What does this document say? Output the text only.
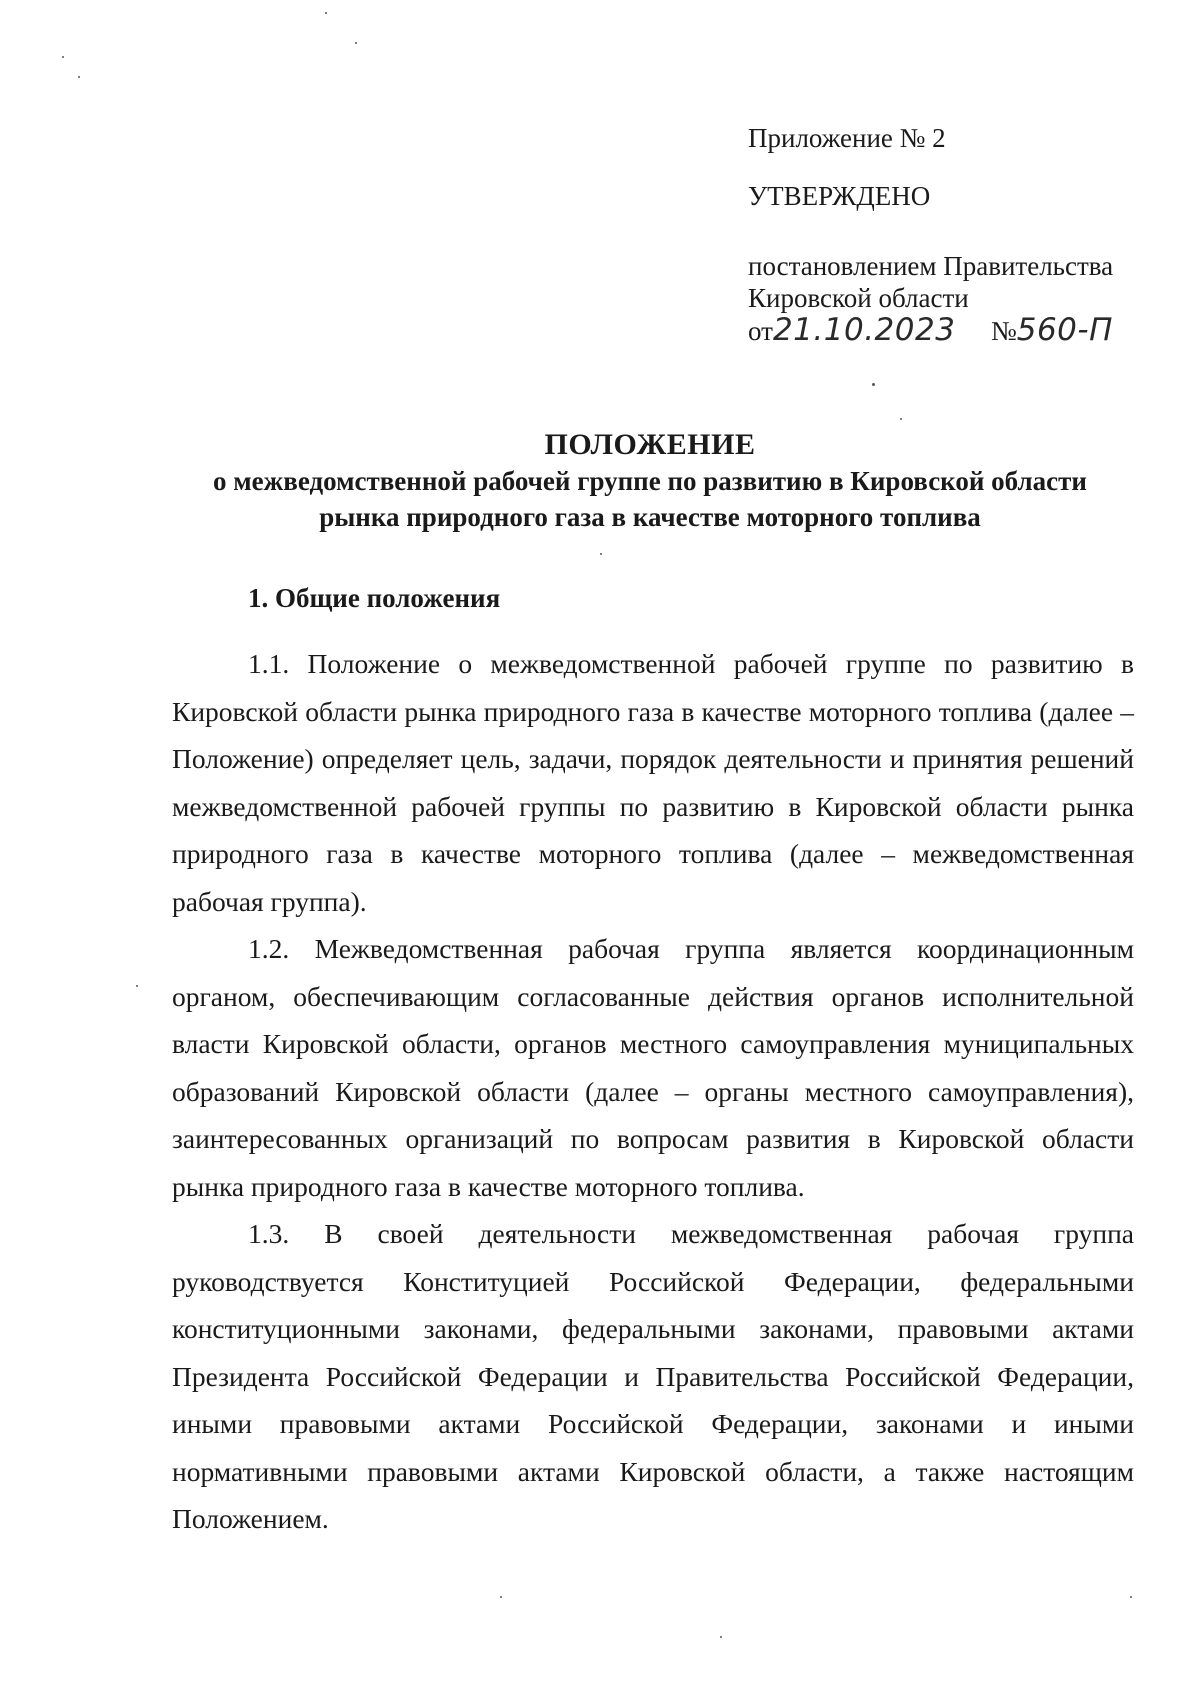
Приложение № 2
УТВЕРЖДЕНО
постановлением Правительства
Кировской области
от21.10.2023 №560-П
ПОЛОЖЕНИЕ
о межведомственной рабочей группе по развитию в Кировской области
рынка природного газа в качестве моторного топлива
1. Общие положения

1.1. Положение о межведомственной рабочей группе по развитию в Кировской области рынка природного газа в качестве моторного топлива (далее – Положение) определяет цель, задачи, порядок деятельности и принятия решений межведомственной рабочей группы по развитию в Кировской области рынка природного газа в качестве моторного топлива (далее – межведомственная рабочая группа).

1.2. Межведомственная рабочая группа является координационным органом, обеспечивающим согласованные действия органов исполнительной власти Кировской области, органов местного самоуправления муниципальных образований Кировской области (далее – органы местного самоуправления), заинтересованных организаций по вопросам развития в Кировской области рынка природного газа в качестве моторного топлива.

1.3. В своей деятельности межведомственная рабочая группа руководствуется Конституцией Российской Федерации, федеральными конституционными законами, федеральными законами, правовыми актами Президента Российской Федерации и Правительства Российской Федерации, иными правовыми актами Российской Федерации, законами и иными нормативными правовыми актами Кировской области, а также настоящим Положением.
